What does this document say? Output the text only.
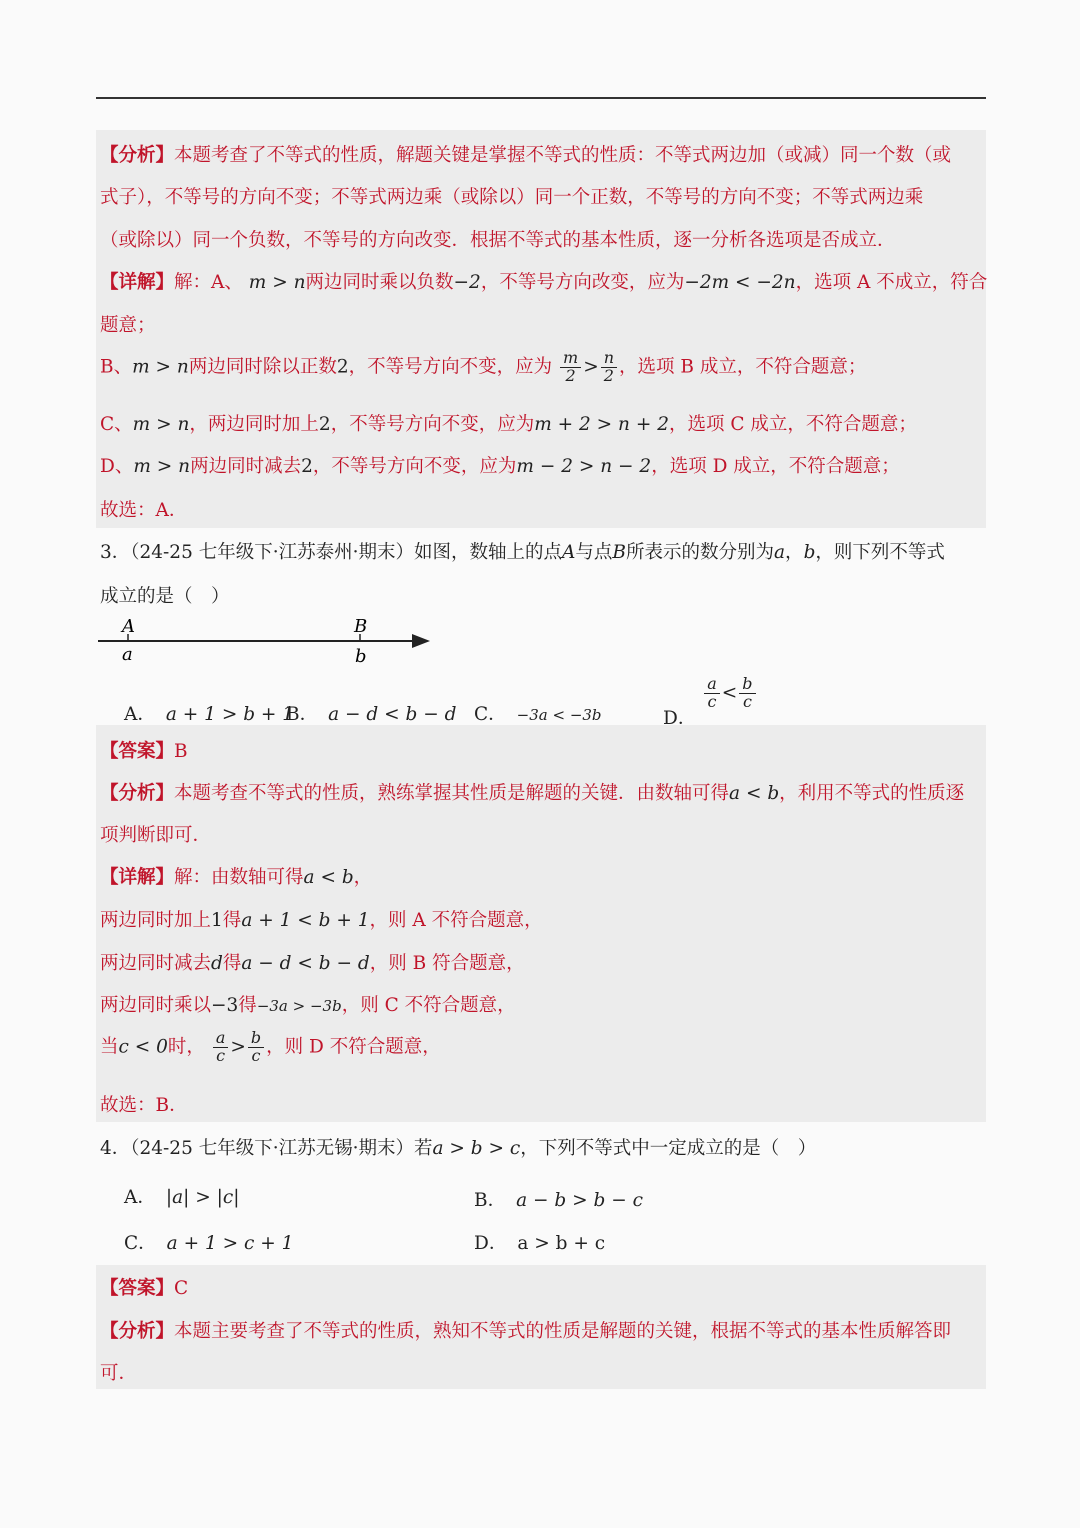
【分析】本题考查了不等式的性质，解题关键是掌握不等式的性质：不等式两边加（或减）同一个数（或
式子），不等号的方向不变；不等式两边乘（或除以）同一个正数，不等号的方向不变；不等式两边乘
（或除以）同一个负数，不等号的方向改变．根据不等式的基本性质，逐一分析各选项是否成立．
【详解】解：A、 m > n两边同时乘以负数−2，不等号方向改变，应为−2m < −2n，选项 A 不成立，符合
题意；
B、m > n两边同时除以正数2，不等号方向不变，应为 $\frac{m}{2} > \frac{n}{2}$ ，选项 B 成立，不符合题意；
C、m > n，两边同时加上2，不等号方向不变，应为m + 2 > n + 2，选项 C 成立，不符合题意；
D、m > n两边同时减去2，不等号方向不变，应为m − 2 > n − 2，选项 D 成立，不符合题意；
故选：A．
3．（24-25 七年级下·江苏泰州·期末）如图，数轴上的点A与点B所表示的数分别为a，b，则下列不等式
成立的是（　）
A
a
B
b
A． a + 1 > b + 1
B． a − d < b − d C． −3a < −3b	D．
$\frac{a}{c} < \frac{b}{c}$
【答案】B
【分析】本题考查不等式的性质，熟练掌握其性质是解题的关键．由数轴可得a < b，利用不等式的性质逐
项判断即可．
【详解】解：由数轴可得a < b，
两边同时加上1得a + 1 < b + 1，则 A 不符合题意，
两边同时减去d得a − d < b − d，则 B 符合题意，
两边同时乘以−3得−3a > −3b，则 C 不符合题意，
当c < 0时， $\frac{a}{c} > \frac{b}{c}$ ，则 D 不符合题意，
故选：B．
4．（24-25 七年级下·江苏无锡·期末）若a > b > c，下列不等式中一定成立的是（　）
A． |a| > |c|	B． a − b > b − c
C． a + 1 > c + 1	D． a > b + c
【答案】C
【分析】本题主要考查了不等式的性质，熟知不等式的性质是解题的关键，根据不等式的基本性质解答即
可．
